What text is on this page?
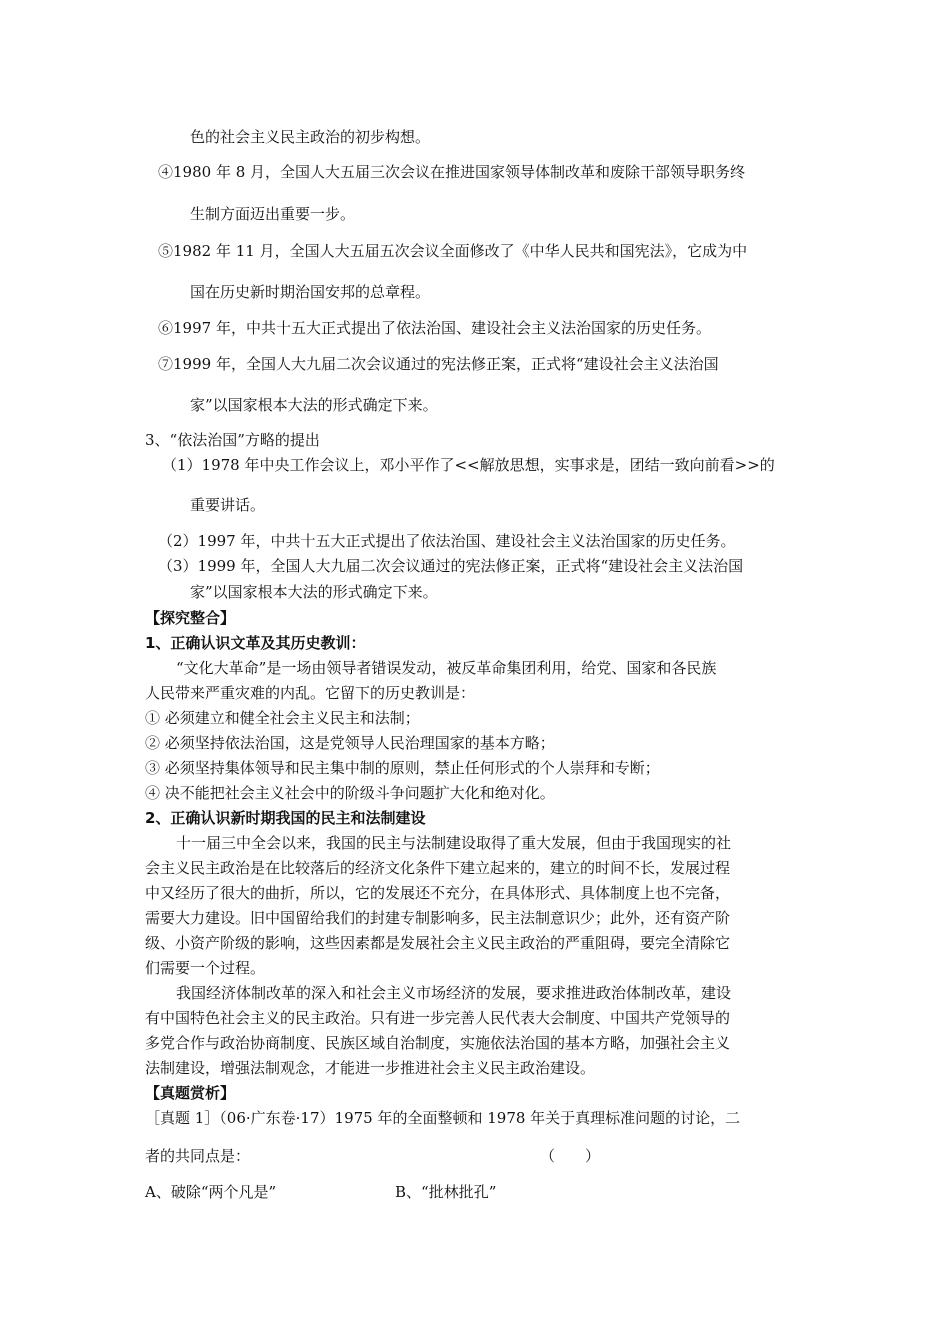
色的社会主义民主政治的初步构想。
④1980 年 8 月，全国人大五届三次会议在推进国家领导体制改革和废除干部领导职务终
生制方面迈出重要一步。
⑤1982 年 11 月，全国人大五届五次会议全面修改了《中华人民共和国宪法》，它成为中
国在历史新时期治国安邦的总章程。
⑥1997 年，中共十五大正式提出了依法治国、建设社会主义法治国家的历史任务。
⑦1999 年，全国人大九届二次会议通过的宪法修正案，正式将“建设社会主义法治国
家”以国家根本大法的形式确定下来。
3、“依法治国”方略的提出
（1）1978 年中央工作会议上，邓小平作了<<解放思想，实事求是，团结一致向前看>>的
重要讲话。
（2）1997 年，中共十五大正式提出了依法治国、建设社会主义法治国家的历史任务。
（3）1999 年，全国人大九届二次会议通过的宪法修正案，正式将“建设社会主义法治国
家”以国家根本大法的形式确定下来。
【探究整合】
1、正确认识文革及其历史教训：
“文化大革命”是一场由领导者错误发动，被反革命集团利用，给党、国家和各民族
人民带来严重灾难的内乱。它留下的历史教训是：
① 必须建立和健全社会主义民主和法制；
② 必须坚持依法治国，这是党领导人民治理国家的基本方略；
③ 必须坚持集体领导和民主集中制的原则，禁止任何形式的个人崇拜和专断；
④ 决不能把社会主义社会中的阶级斗争问题扩大化和绝对化。
2、正确认识新时期我国的民主和法制建设
十一届三中全会以来，我国的民主与法制建设取得了重大发展，但由于我国现实的社
会主义民主政治是在比较落后的经济文化条件下建立起来的，建立的时间不长，发展过程
中又经历了很大的曲折，所以，它的发展还不充分，在具体形式、具体制度上也不完备，
需要大力建设。旧中国留给我们的封建专制影响多，民主法制意识少；此外，还有资产阶
级、小资产阶级的影响，这些因素都是发展社会主义民主政治的严重阻碍，要完全清除它
们需要一个过程。
我国经济体制改革的深入和社会主义市场经济的发展，要求推进政治体制改革，建设
有中国特色社会主义的民主政治。只有进一步完善人民代表大会制度、中国共产党领导的
多党合作与政治协商制度、民族区域自治制度，实施依法治国的基本方略，加强社会主义
法制建设，增强法制观念，才能进一步推进社会主义民主政治建设。
【真题赏析】
［真题 1］（06·广东卷·17）1975 年的全面整顿和 1978 年关于真理标准问题的讨论，二
者的共同点是：	（　　）
A、破除“两个凡是”	B、“批林批孔”
